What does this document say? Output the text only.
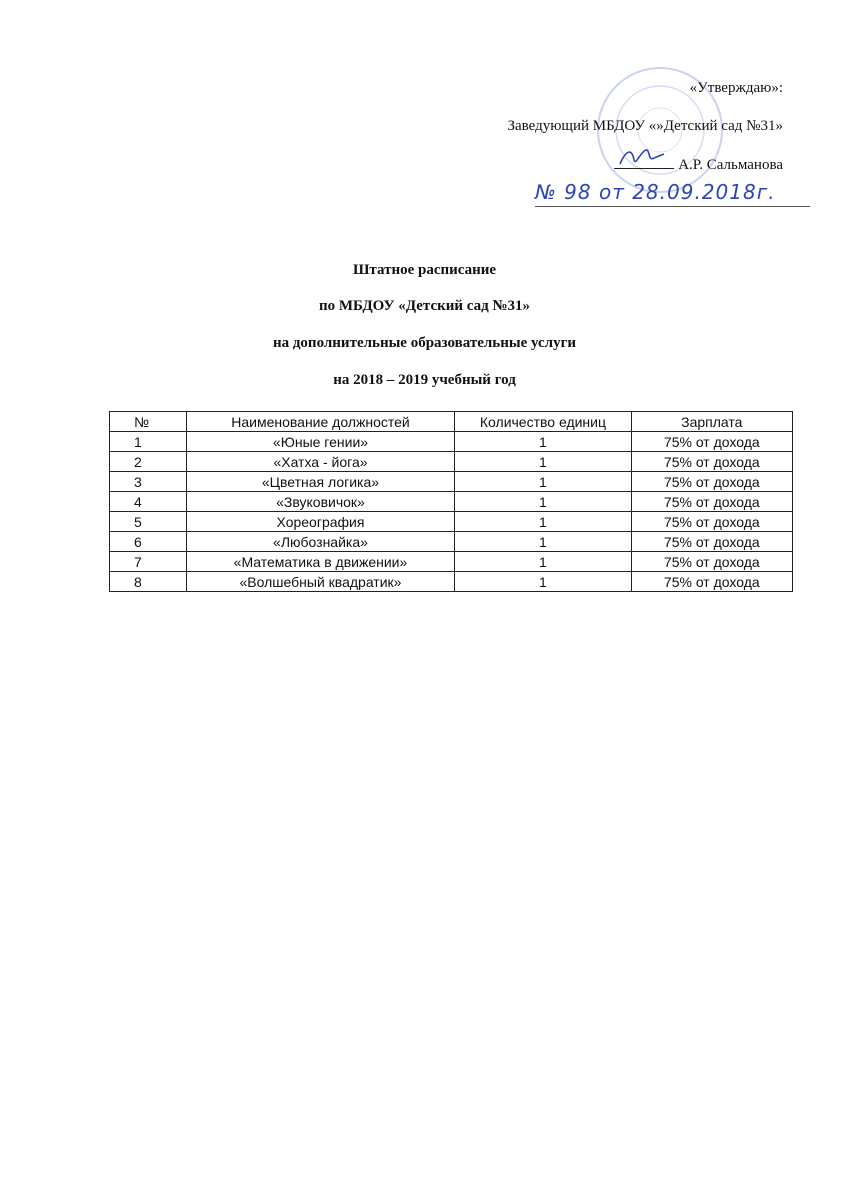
«Утверждаю»:
Заведующий МБДОУ «»Детский сад №31»
А.Р. Сальманова
№ 98 от 28.09.2018г.
Штатное расписание
по МБДОУ «Детский сад №31»
на дополнительные образовательные услуги
на 2018 – 2019 учебный год
№	Наименование должностей	Количество единиц	Зарплата
1	«Юные гении»	1	75% от дохода
2	«Хатха - йога»	1	75% от дохода
3	«Цветная логика»	1	75% от дохода
4	«Звуковичок»	1	75% от дохода
5	Хореография	1	75% от дохода
6	«Любознайка»	1	75% от дохода
7	«Математика в движении»	1	75% от дохода
8	«Волшебный квадратик»	1	75% от дохода
